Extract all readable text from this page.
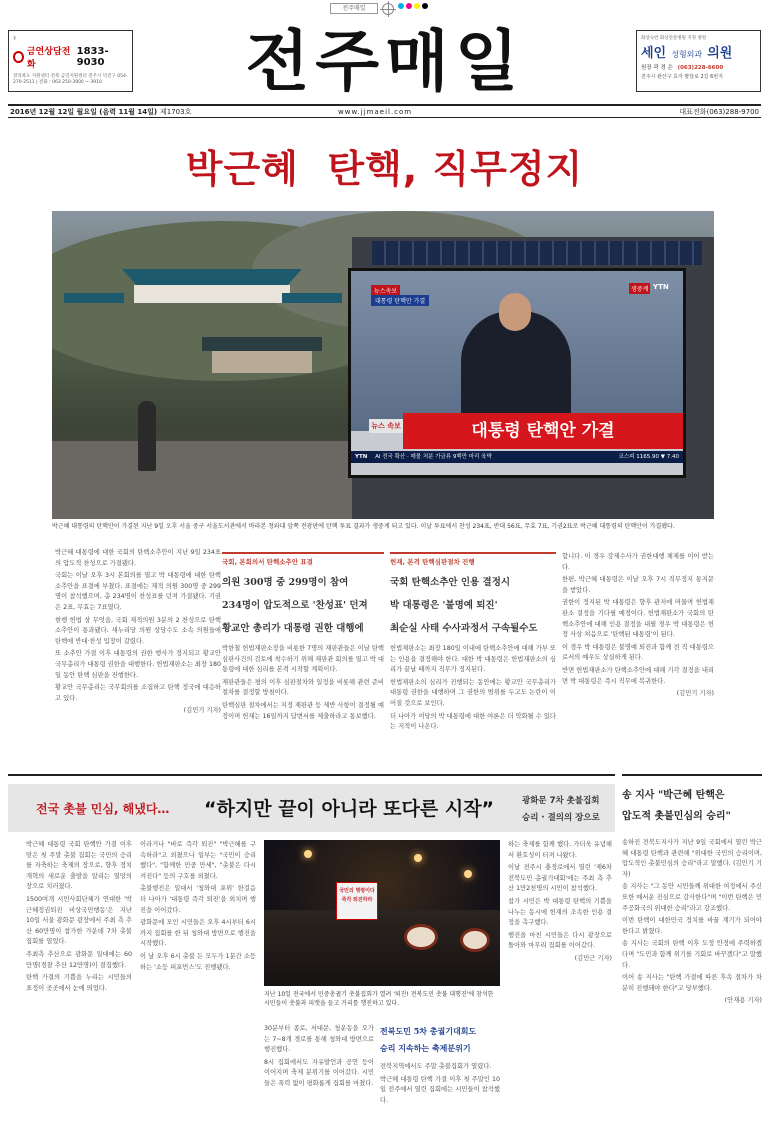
전주매일
⚕
금연상담전화
1833-9030
전라북도 지원센터 전북 금연지원센터 전주시 덕진구 054-270-2511 | 전화 : 063 250-3900 ~ 3910	전주매일	화상숙련 화상전문병원 지정 병원
세인 성형외과 의원
원장 곽 경 은 (063)228-6600
전주시 완산구 효자 팔달로 2길 6번지
2016년 12월 12일 월요일 (음력 11월 14일) 제1703호	www.jjmaeil.com	대표전화(063)288-9700
박근혜  탄핵, 직무정지
뉴스속보
대통령 탄핵안 가결
생중계 YTN
뉴스 속보	대통령 탄핵안 가결
YTN AI 전국 확산 · 매몰 처분 가금류 9백만 마리 육박	코스피 1165.90 ▼ 7.40
박근혜 대통령의 탄핵안이 가결된 지난 9일 오후 서울 중구 서울도서관에서 바라본 청와대 앞쪽 전광판에 탄핵 투표 결과가 생중계 되고 있다. 이날 투표에서 찬성 234표, 반대 56표, 무효 7표, 기권2표로 박근혜 대통령의 탄핵안이 가결됐다.

박근혜 대통령에 대한 국회의 탄핵소추안이 지난 9일 234표의 압도적 찬성으로 가결됐다.

국회는 이날 오후 3시 본회의를 열고 박 대통령에 대한 탄핵소추안을 표결에 부쳤다. 표결에는 재적 의원 300명 중 299명이 참석했으며, 총 234명이 찬성표를 던져 가결됐다. 기권은 2표, 무효는 7표였다.

현행 헌법 상 무엇을, 국회 재적의원 3분의 2 찬성으로 탄핵소추안이 통과됐다. 새누리당 의원 상당수도 소속 의원들에 탄핵에 반대·찬성 입장이 갈렸다.

또 소추안 가결 이후 대통령의 권한 행사가 정지되고 황교안 국무총리가 대통령 권한을 대행한다. 헌법재판소는 최장 180일 동안 탄핵 심판을 진행한다.

황교안 국무총리는 국무회의를 소집하고 탄핵 정국에 대응하고 있다.

(김민기 기자)

국회, 본회의서 탄핵소추안 표결
의원 300명 중 299명이 참여
234명이 압도적으로 '찬성표' 던져
황교안 총리가 대통령 권한 대행에

박한철 헌법재판소장을 비롯한 7명의 재판관들은 이날 탄핵심판사건의 검토에 착수하기 위해 재판관 회의를 열고 박 대통령에 대한 심리를 본격 시작할 계획이다.

재판관들은 평의 이후 심판절차와 일정을 비롯해 관련 준비 절차를 결정할 방침이다.

탄핵심판 절차에서는 지정 재판관 등 제반 사항이 결정될 예정이며 헌재는 16일까지 답변서를 제출하라고 통보했다.

헌재, 본격 탄핵심판절차 진행
국회 탄핵소추안 인용 결정시
박 대통령은 '불명예 퇴진'
최순실 사태 수사과정서 구속될수도

헌법재판소는 최장 180일 이내에 탄핵소추안에 대해 가부 또는 인용을 결정해야 한다. 대한 박 대통령은 헌법재판소의 심리가 끝날 때까지 직무가 정지된다.

헌법재판소의 심리가 진행되는 동안에는 황교안 국무총리가 대통령 권한을 대행하며 그 권한의 범위를 두고도 논란이 이어질 것으로 보인다.

더 나아가 여당의 박 대통령에 대한 여론은 더 악화될 수 있다는 지적이 나온다.

합니다. 이 경우 강제수사가 권한대행 체제를 이어 받는다.

한편, 박근혜 대통령은 이날 오후 7시 직무정지 통지문을 받았다.

권한이 정지된 박 대통령은 향후 관저에 머물며 헌법재판소 결정을 기다릴 예정이다. 헌법재판소가 국회의 탄핵소추안에 대해 인용 결정을 내릴 경우 박 대통령은 헌정 사상 처음으로 '탄핵된 대통령'이 된다.

이 경우 박 대통령은 불명예 퇴진과 함께 전 직 대통령으로서의 예우도 상실하게 된다.

반면 헌법재판소가 탄핵소추안에 대해 기각 결정을 내리면 박 대통령은 즉시 직무에 복귀한다.

(김민기 기자)

전국 촛불 민심, 해냈다… “하지만 끝이 아니라 또다른 시작”	광화문 7차 촛불집회
승리 · 결의의 장으로

박근혜 대통령 국회 탄핵안 가결 이후 맞은 첫 주말 촛불 집회는 국민의 승리를 자축하는 축제의 장으로, 향후 정치개혁의 새로운 출발을 알리는 열망의 장으로 치러졌다.

1500여개 시민사회단체가 연대한 '박근혜정권퇴진 비상국민행동'은 지난 10일 서울 광화문 광장에서 주최 측 추산 60만명이 참가한 가운데 7차 촛불집회를 열었다.

주최측 추산으로 광화문 일대에는 60만명(경찰 추산 12만명)이 결집했다.

탄핵 가결의 기쁨을 누리는 시민들의 표정이 곳곳에서 눈에 띄었다.

이라거나 "바로 즉각 퇴진" "박근혜를 구속하라"고 외쳤으나 일부는 "국민이 승리했다", "함께한 민중 만세", "촛불은 다시 켜진다" 등의 구호를 외쳤다.

촛불행진은 일대서 '청와대 포위' 한걸음 더 나아가 '대통령 즉각 퇴진'을 외치며 행진을 이어갔다.

광화문에 모인 시민들은 오후 4시부터 6시까지 집회를 한 뒤 청와대 방면으로 행진을 시작했다.

이 날 오후 6시 촛불 든 모두가 1분간 소등하는 '소등 퍼포먼스'도 진행됐다.

국민의 명령이다 즉각 퇴진하라
지난 10일 전국에서 민중총궐기 촛불집회가 열려 '퇴진! 전북도민 촛불 대행진'에 참석한 시민들이 촛불과 피켓을 들고 거리를 행진하고 있다.

30분부터 종로, 서대문, 청운동을 오가는 7~8개 경로를 통해 청와대 방면으로 행진했다.

8시 집회에서도 자유발언과 공연 등이 이어지며 축제 분위기를 이어갔다. 시민들은 폭력 없이 평화롭게 집회를 마쳤다.

전북도민 5차 총궐기대회도
승리 지속하는 축제분위기

전북지역에서도 주말 촛불집회가 열렸다.

박근혜 대통령 탄핵 가결 이후 첫 주말인 10일 전주에서 열린 집회에는 시민들이 참석했다.

하는 축제를 함께 했다. 가더욱 유념해서 환호성이 터져 나왔다.

이날 전주시 충경로에서 열린 '제6차 전북도민 총궐기대회'에는 주최 측 추산 1만2천명의 시민이 참석했다.

참가 시민은 박 대통령 탄핵의 기쁨을 나누는 동시에 헌재의 조속한 인용 결정을 촉구했다.

행진을 마친 시민들은 다시 광장으로 돌아와 마무리 집회를 이어갔다.

(김민근 기자)

송 지사 "박근혜 탄핵은
압도적 촛불민심의 승리"

송하진 전북도지사가 지난 9일 국회에서 열린 박근혜 대통령 탄핵과 관련해 "위대한 국민의 승리이며, 압도적인 촛불민심의 승리"라고 말했다. (김민기 기자)

송 지사는 "그 동안 시민들께 위대한 여정에서 주신 또한 매서운 진심으로 감사한다"며 "이번 탄핵은 민주공화국의 위대한 승리"라고 강조했다.

이번 탄핵이 대한민국 정치를 바꿀 계기가 되어야 한다고 밝혔다.

송 지사는 국회의 탄핵 이후 도정 안정에 주력하겠다며 "도민과 함께 위기를 기회로 바꾸겠다"고 말했다.

이어 송 지사는 "탄핵 가결에 따른 후속 절차가 차분히 진행돼야 한다"고 당부했다.

(안재용 기자)
